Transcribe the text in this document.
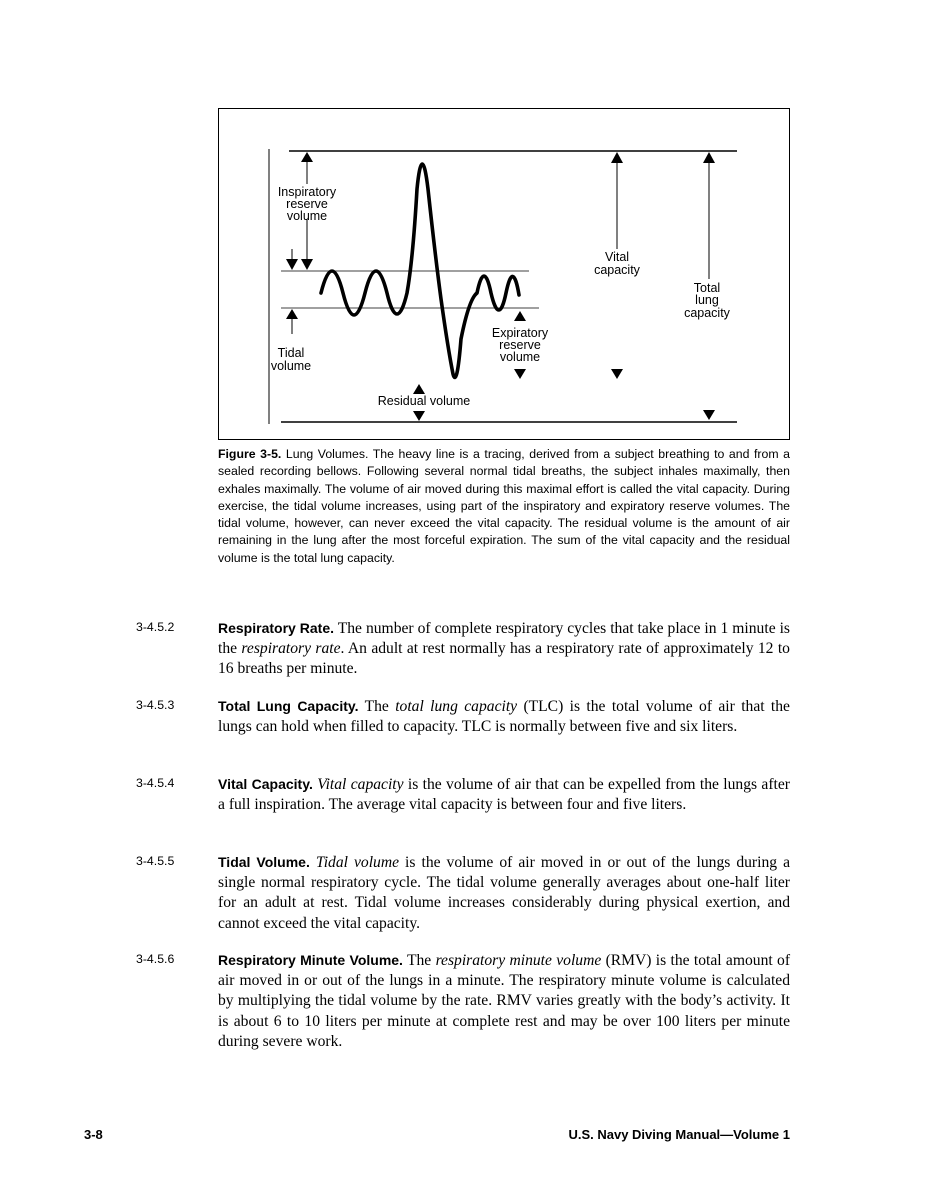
Inspiratory
reserve
volume
Vital
capacity
Total
lung
capacity
Expiratory
reserve
volume
Tidal
volume
Residual volume
Figure 3-5. Lung Volumes. The heavy line is a tracing, derived from a subject breathing to and from a sealed recording bellows. Following several normal tidal breaths, the subject inhales maximally, then exhales maximally. The volume of air moved during this maximal effort is called the vital capacity. During exercise, the tidal volume increases, using part of the inspiratory and expiratory reserve volumes. The tidal volume, however, can never exceed the vital capacity. The residual volume is the amount of air remaining in the lung after the most forceful expiration. The sum of the vital capacity and the residual volume is the total lung capacity.
3-4.5.2	Respiratory Rate. The number of complete respiratory cycles that take place in 1 minute is the respiratory rate. An adult at rest normally has a respiratory rate of approximately 12 to 16 breaths per minute.
3-4.5.3	Total Lung Capacity. The total lung capacity (TLC) is the total volume of air that the lungs can hold when filled to capacity. TLC is normally between five and six liters.
3-4.5.4	Vital Capacity. Vital capacity is the volume of air that can be expelled from the lungs after a full inspiration. The average vital capacity is between four and five liters.
3-4.5.5	Tidal Volume. Tidal volume is the volume of air moved in or out of the lungs during a single normal respiratory cycle. The tidal volume generally averages about one-half liter for an adult at rest. Tidal volume increases considerably during physical exertion, and cannot exceed the vital capacity.
3-4.5.6	Respiratory Minute Volume. The respiratory minute volume (RMV) is the total amount of air moved in or out of the lungs in a minute. The respiratory minute volume is calculated by multiplying the tidal volume by the rate. RMV varies greatly with the body’s activity. It is about 6 to 10 liters per minute at complete rest and may be over 100 liters per minute during severe work.
3-8	U.S. Navy Diving Manual—Volume 1
